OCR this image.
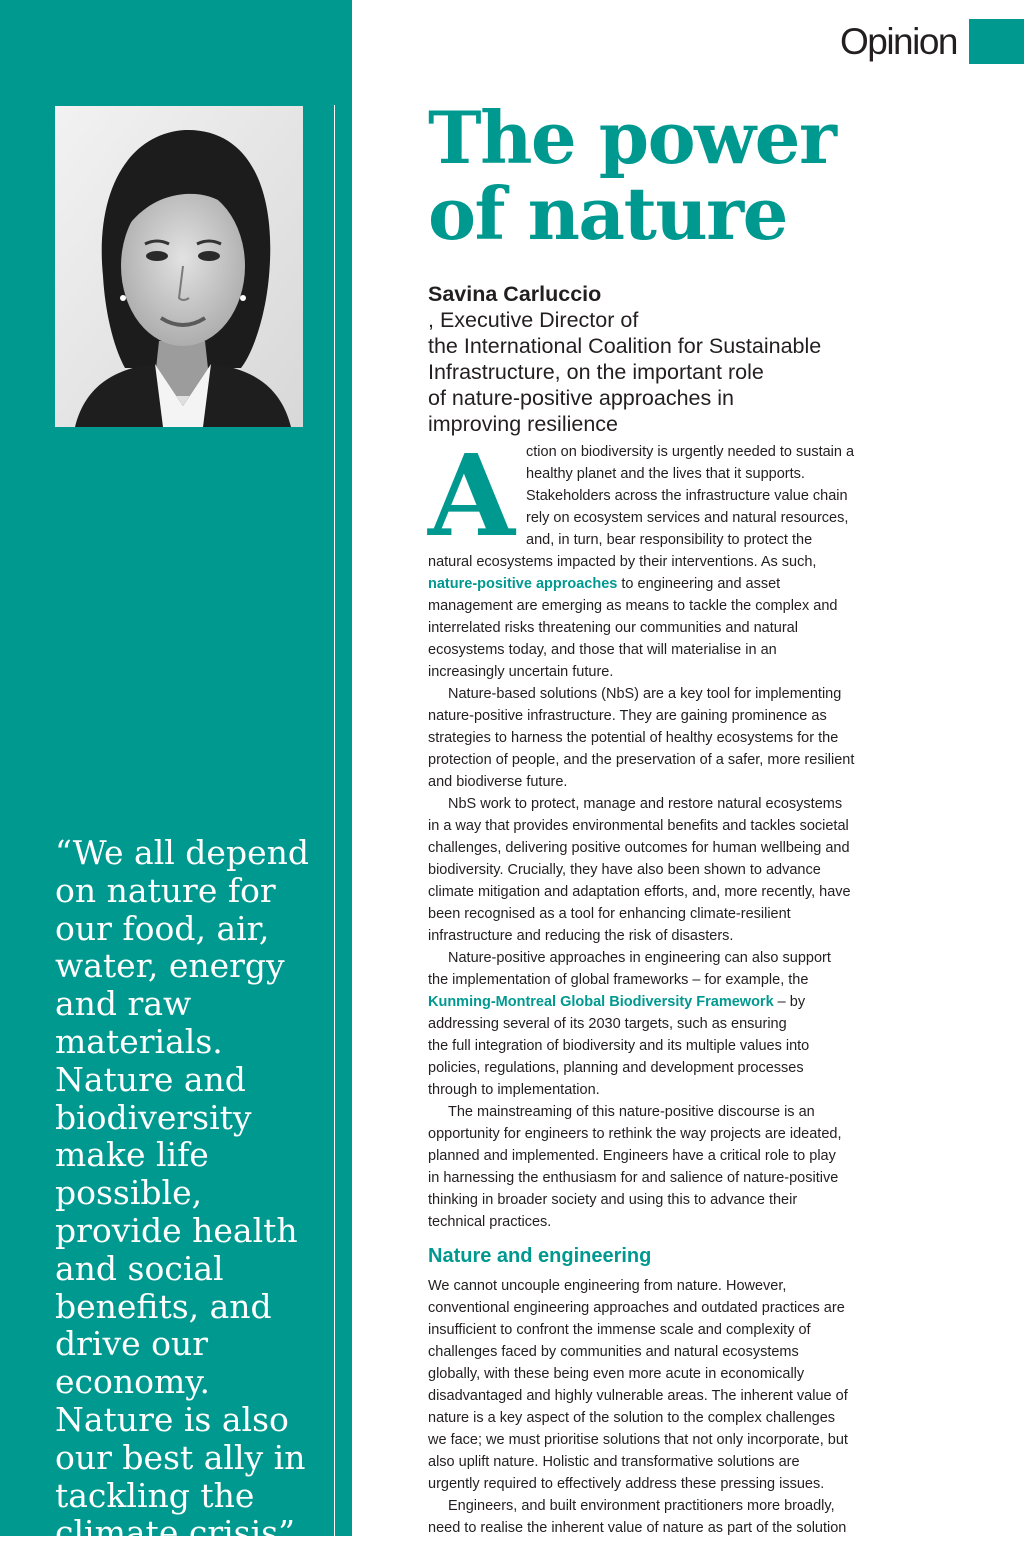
“We all depend
on nature for
our food, air,
water, energy
and raw
materials.
Nature and
biodiversity
make life
possible,
provide health
and social
benefits, and
drive our
economy.
Nature is also
our best ally in
tackling the
climate crisis”

Opinion
The power
of nature

Savina Carluccio
, Executive Director of
the International Coalition for Sustainable
Infrastructure, on the important role
of nature-positive approaches in
improving resilience

A ction on biodiversity is urgently needed to sustain a
healthy planet and the lives that it supports.
Stakeholders across the infrastructure value chain
rely on ecosystem services and natural resources,
and, in turn, bear responsibility to protect the
natural ecosystems impacted by their interventions. As such,
nature-positive approaches to engineering and asset
management are emerging as means to tackle the complex and
interrelated risks threatening our communities and natural
ecosystems today, and those that will materialise in an
increasingly uncertain future.
Nature-based solutions (NbS) are a key tool for implementing
nature-positive infrastructure. They are gaining prominence as
strategies to harness the potential of healthy ecosystems for the
protection of people, and the preservation of a safer, more resilient
and biodiverse future.
NbS work to protect, manage and restore natural ecosystems
in a way that provides environmental benefits and tackles societal
challenges, delivering positive outcomes for human wellbeing and
biodiversity. Crucially, they have also been shown to advance
climate mitigation and adaptation efforts, and, more recently, have
been recognised as a tool for enhancing climate-resilient
infrastructure and reducing the risk of disasters.
Nature-positive approaches in engineering can also support
the implementation of global frameworks – for example, the
Kunming-Montreal Global Biodiversity Framework – by
addressing several of its 2030 targets, such as ensuring
the full integration of biodiversity and its multiple values into
policies, regulations, planning and development processes
through to implementation.
The mainstreaming of this nature-positive discourse is an
opportunity for engineers to rethink the way projects are ideated,
planned and implemented. Engineers have a critical role to play
in harnessing the enthusiasm for and salience of nature-positive
thinking in broader society and using this to advance their
technical practices.
Nature and engineering
We cannot uncouple engineering from nature. However,
conventional engineering approaches and outdated practices are
insufficient to confront the immense scale and complexity of
challenges faced by communities and natural ecosystems
globally, with these being even more acute in economically
disadvantaged and highly vulnerable areas. The inherent value of
nature is a key aspect of the solution to the complex challenges
we face; we must prioritise solutions that not only incorporate, but
also uplift nature. Holistic and transformative solutions are
urgently required to effectively address these pressing issues.
Engineers, and built environment practitioners more broadly,
need to realise the inherent value of nature as part of the solution
